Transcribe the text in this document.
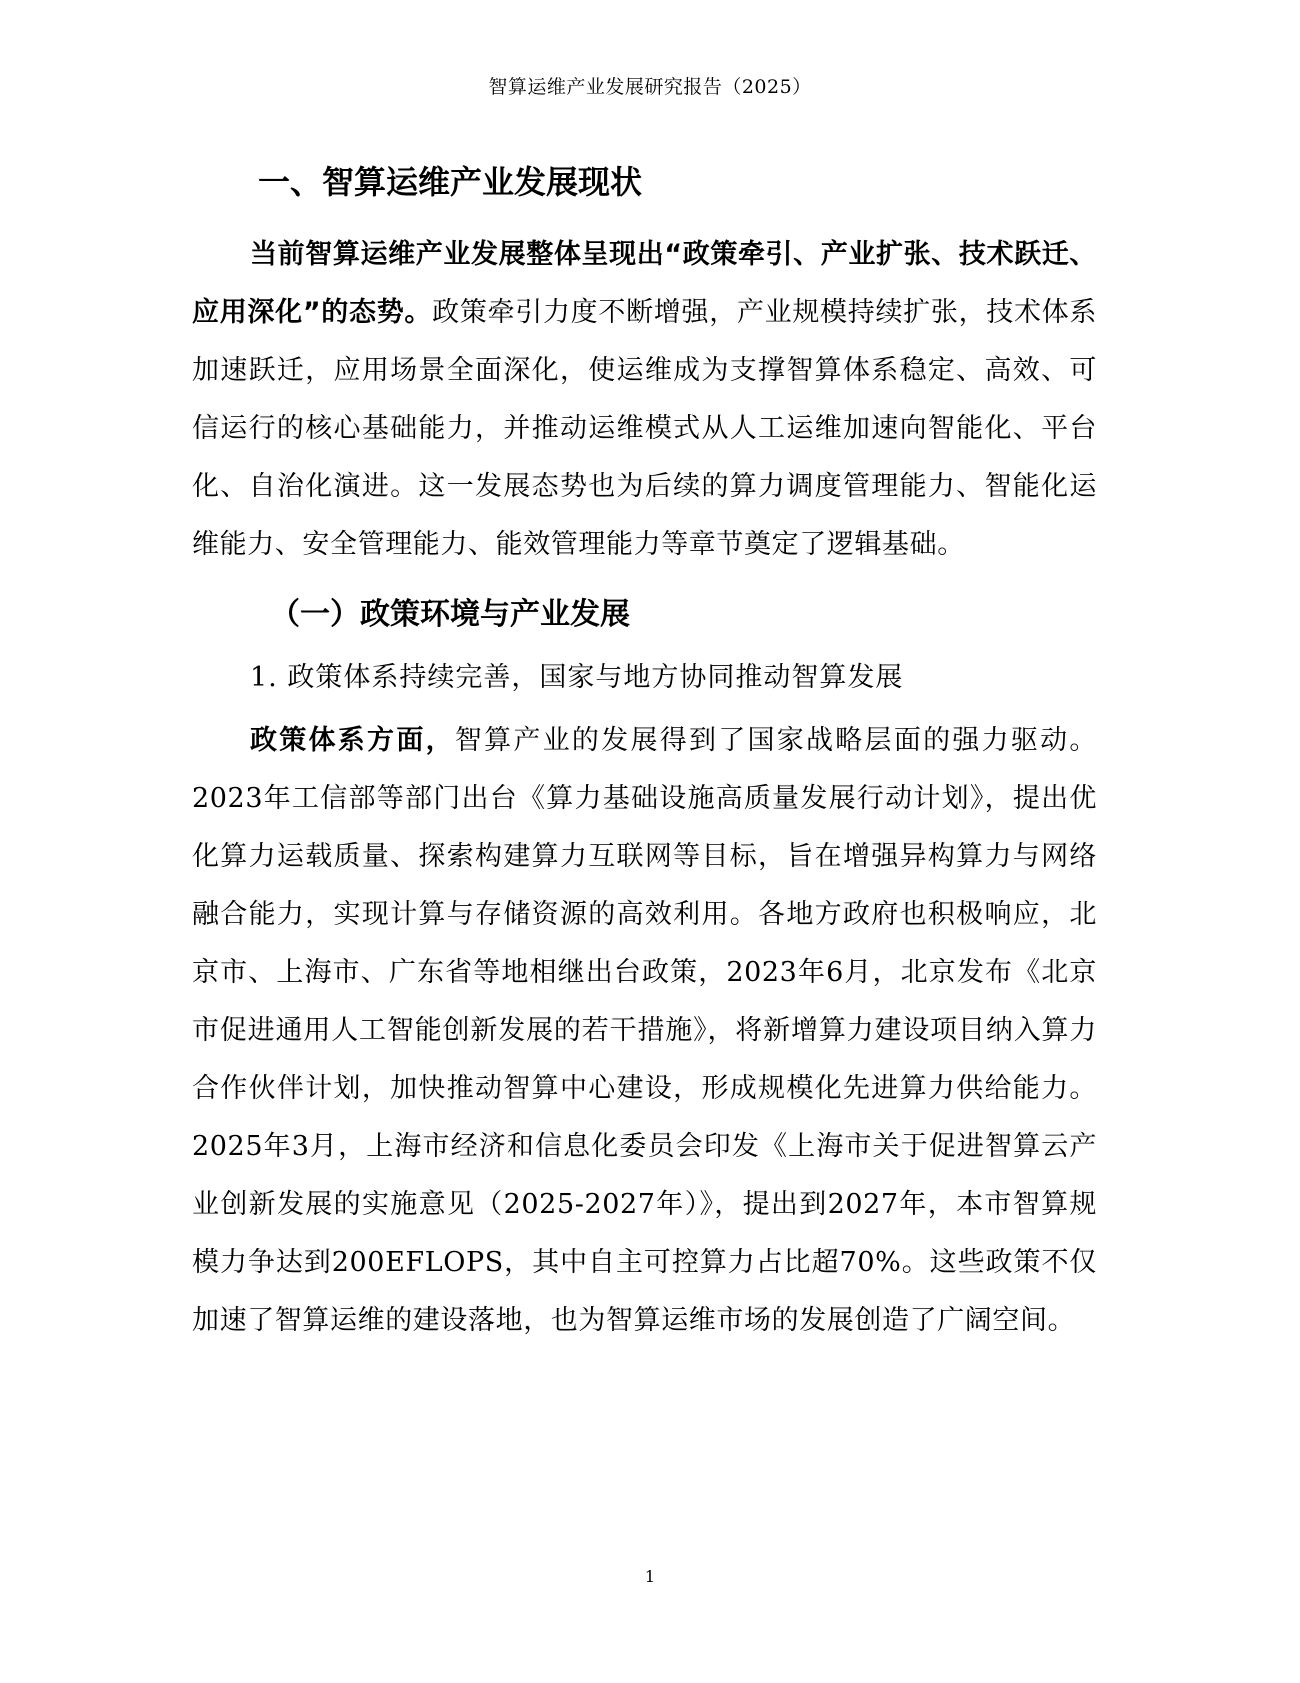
智算运维产业发展研究报告（2025）
一、智算运维产业发展现状
当前智算运维产业发展整体呈现出“政策牵引、产业扩张、技术跃迁、应用深化”的态势。政策牵引力度不断增强，产业规模持续扩张，技术体系加速跃迁，应用场景全面深化，使运维成为支撑智算体系稳定、高效、可信运行的核心基础能力，并推动运维模式从人工运维加速向智能化、平台化、自治化演进。这一发展态势也为后续的算力调度管理能力、智能化运维能力、安全管理能力、能效管理能力等章节奠定了逻辑基础。
（一）政策环境与产业发展
1. 政策体系持续完善，国家与地方协同推动智算发展
政策体系方面，智算产业的发展得到了国家战略层面的强力驱动。2023年工信部等部门出台《算力基础设施高质量发展行动计划》，提出优化算力运载质量、探索构建算力互联网等目标，旨在增强异构算力与网络融合能力，实现计算与存储资源的高效利用。各地方政府也积极响应，北京市、上海市、广东省等地相继出台政策，2023年6月，北京发布《北京市促进通用人工智能创新发展的若干措施》，将新增算力建设项目纳入算力合作伙伴计划，加快推动智算中心建设，形成规模化先进算力供给能力。2025年3月，上海市经济和信息化委员会印发《上海市关于促进智算云产业创新发展的实施意见（2025-2027年）》，提出到2027年，本市智算规模力争达到200EFLOPS，其中自主可控算力占比超70%。这些政策不仅加速了智算运维的建设落地，也为智算运维市场的发展创造了广阔空间。
1
